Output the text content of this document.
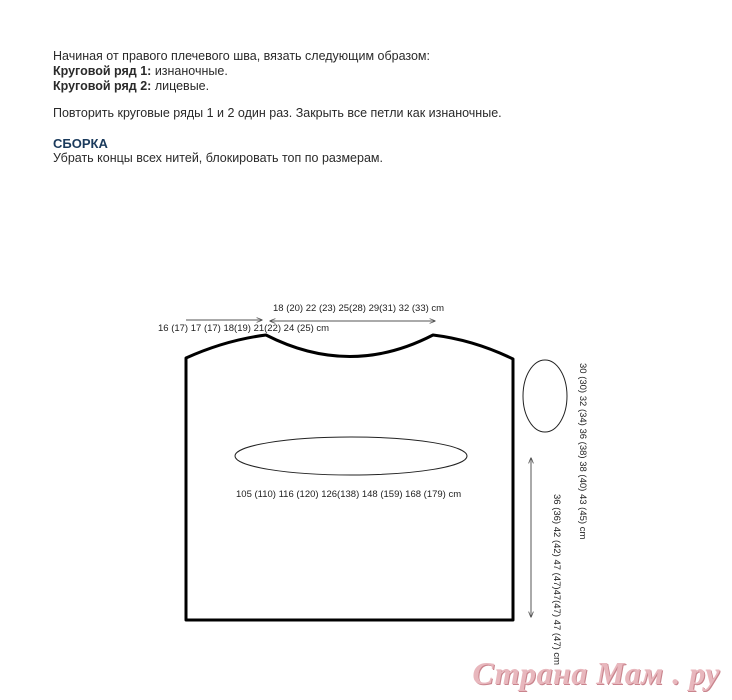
Начиная от правого плечевого шва, вязать следующим образом:
Круговой ряд 1: изнаночные.
Круговой ряд 2: лицевые.
Повторить круговые ряды 1 и 2 один раз. Закрыть все петли как изнаночные.
СБОРКА
Убрать концы всех нитей, блокировать топ по размерам.
18 (20) 22 (23) 25(28) 29(31) 32 (33) cm
16 (17) 17 (17) 18(19) 21(22) 24 (25) cm
105 (110) 116 (120) 126(138) 148 (159) 168 (179) cm	30 (30) 32 (34) 36 (38) 38 (40) 43 (45) cm
36 (36) 42 (42) 47 (47)47(47) 47 (47) cm
Страна Мам . ру
